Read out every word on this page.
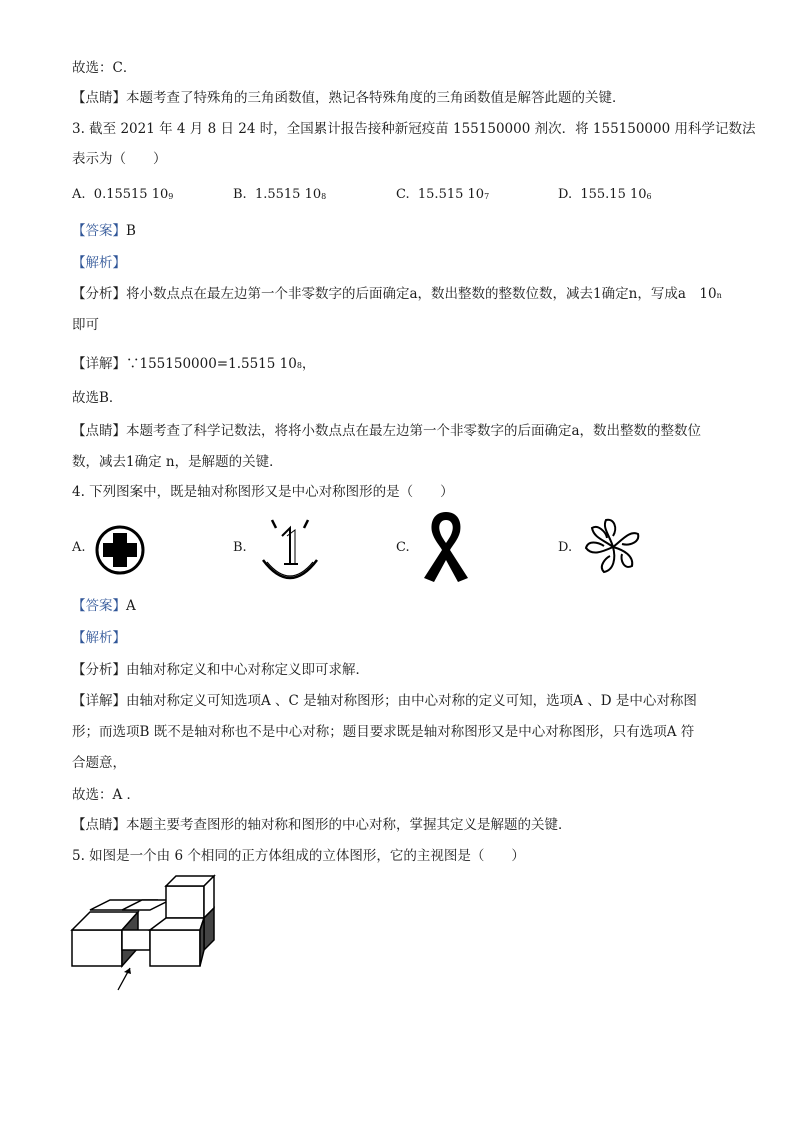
故选：C．
【点睛】本题考查了特殊角的三角函数值，熟记各特殊角度的三角函数值是解答此题的关键．
3. 截至 2021 年 4 月 8 日 24 时，全国累计报告接种新冠疫苗 155150000 剂次．将 155150000 用科学记数法
表示为（　　）
A. 0.15515 $10^9$	B. 1.5515 $10^8$	C. 15.515 $10^7$	D. 155.15 $10^6$
【答案】B
【解析】
【分析】将小数点点在最左边第一个非零数字的后面确定a，数出整数的整数位数，减去1确定n，写成a　10$^n$
即可
【详解】∵155150000=1.5515 $10^8$，
故选B．
【点睛】本题考查了科学记数法，将将小数点点在最左边第一个非零数字的后面确定a，数出整数的整数位
数，减去1确定 n，是解题的关键．
4. 下列图案中，既是轴对称图形又是中心对称图形的是（　　）
A.	B.	C.	D.
【答案】A
【解析】
【分析】由轴对称定义和中心对称定义即可求解．
【详解】由轴对称定义可知选项A 、C 是轴对称图形；由中心对称的定义可知，选项A 、D 是中心对称图
形；而选项B 既不是轴对称也不是中心对称；题目要求既是轴对称图形又是中心对称图形，只有选项A 符
合题意，
故选：A ．
【点睛】本题主要考查图形的轴对称和图形的中心对称，掌握其定义是解题的关键．
5. 如图是一个由 6 个相同的正方体组成的立体图形，它的主视图是（　　）
